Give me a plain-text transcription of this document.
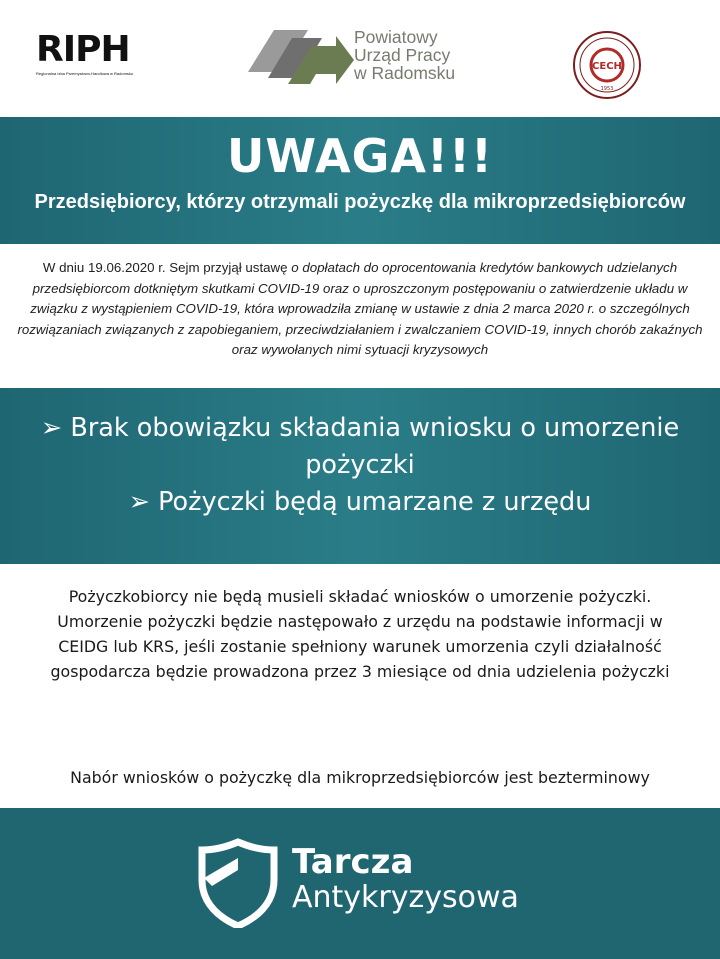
RIPH
Regionalna Izba Przemysłowo-Handlowa w Radomsku
Powiatowy
Urząd Pracy
w Radomsku	CECH
1953
UWAGA!!!
Przedsiębiorcy, którzy otrzymali pożyczkę dla mikroprzedsiębiorców
W dniu 19.06.2020 r. Sejm przyjął ustawę o dopłatach do oprocentowania kredytów bankowych udzielanych przedsiębiorcom dotkniętym skutkami COVID-19 oraz o uproszczonym postępowaniu o zatwierdzenie układu w związku z wystąpieniem COVID-19, która wprowadziła zmianę w ustawie z dnia 2 marca 2020 r. o szczególnych rozwiązaniach związanych z zapobieganiem, przeciwdziałaniem i zwalczaniem COVID-19, innych chorób zakaźnych oraz wywołanych nimi sytuacji kryzysowych
➢ Brak obowiązku składania wniosku o umorzenie
pożyczki
➢ Pożyczki będą umarzane z urzędu
Pożyczkobiorcy nie będą musieli składać wniosków o umorzenie pożyczki.
Umorzenie pożyczki będzie następowało z urzędu na podstawie informacji w
CEIDG lub KRS, jeśli zostanie spełniony warunek umorzenia czyli działalność
gospodarcza będzie prowadzona przez 3 miesiące od dnia udzielenia pożyczki
Nabór wniosków o pożyczkę dla mikroprzedsiębiorców jest bezterminowy
Tarcza
Antykryzysowa
